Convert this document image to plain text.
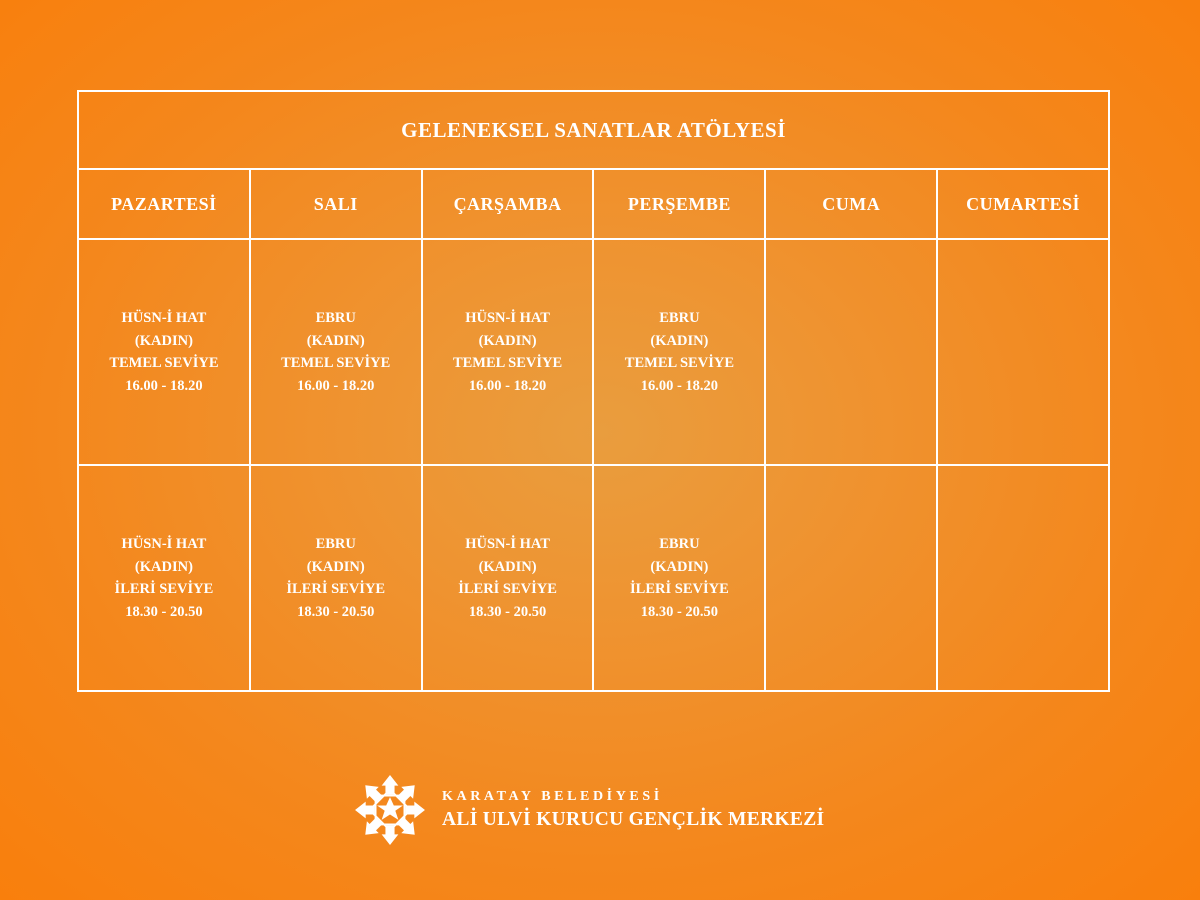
GELENEKSEL SANATLAR ATÖLYESİ					
PAZARTESİ	SALI	ÇARŞAMBA	PERŞEMBE	CUMA	CUMARTESİ

HÜSN-İ HAT
(KADIN)
TEMEL SEVİYE
16.00 - 18.20	EBRU
(KADIN)
TEMEL SEVİYE
16.00 - 18.20	HÜSN-İ HAT
(KADIN)
TEMEL SEVİYE
16.00 - 18.20	EBRU
(KADIN)
TEMEL SEVİYE
16.00 - 18.20		

HÜSN-İ HAT
(KADIN)
İLERİ SEVİYE
18.30 - 20.50	EBRU
(KADIN)
İLERİ SEVİYE
18.30 - 20.50	HÜSN-İ HAT
(KADIN)
İLERİ SEVİYE
18.30 - 20.50	EBRU
(KADIN)
İLERİ SEVİYE
18.30 - 20.50		

KARATAY BELEDİYESİ
ALİ ULVİ KURUCU GENÇLİK MERKEZİ
